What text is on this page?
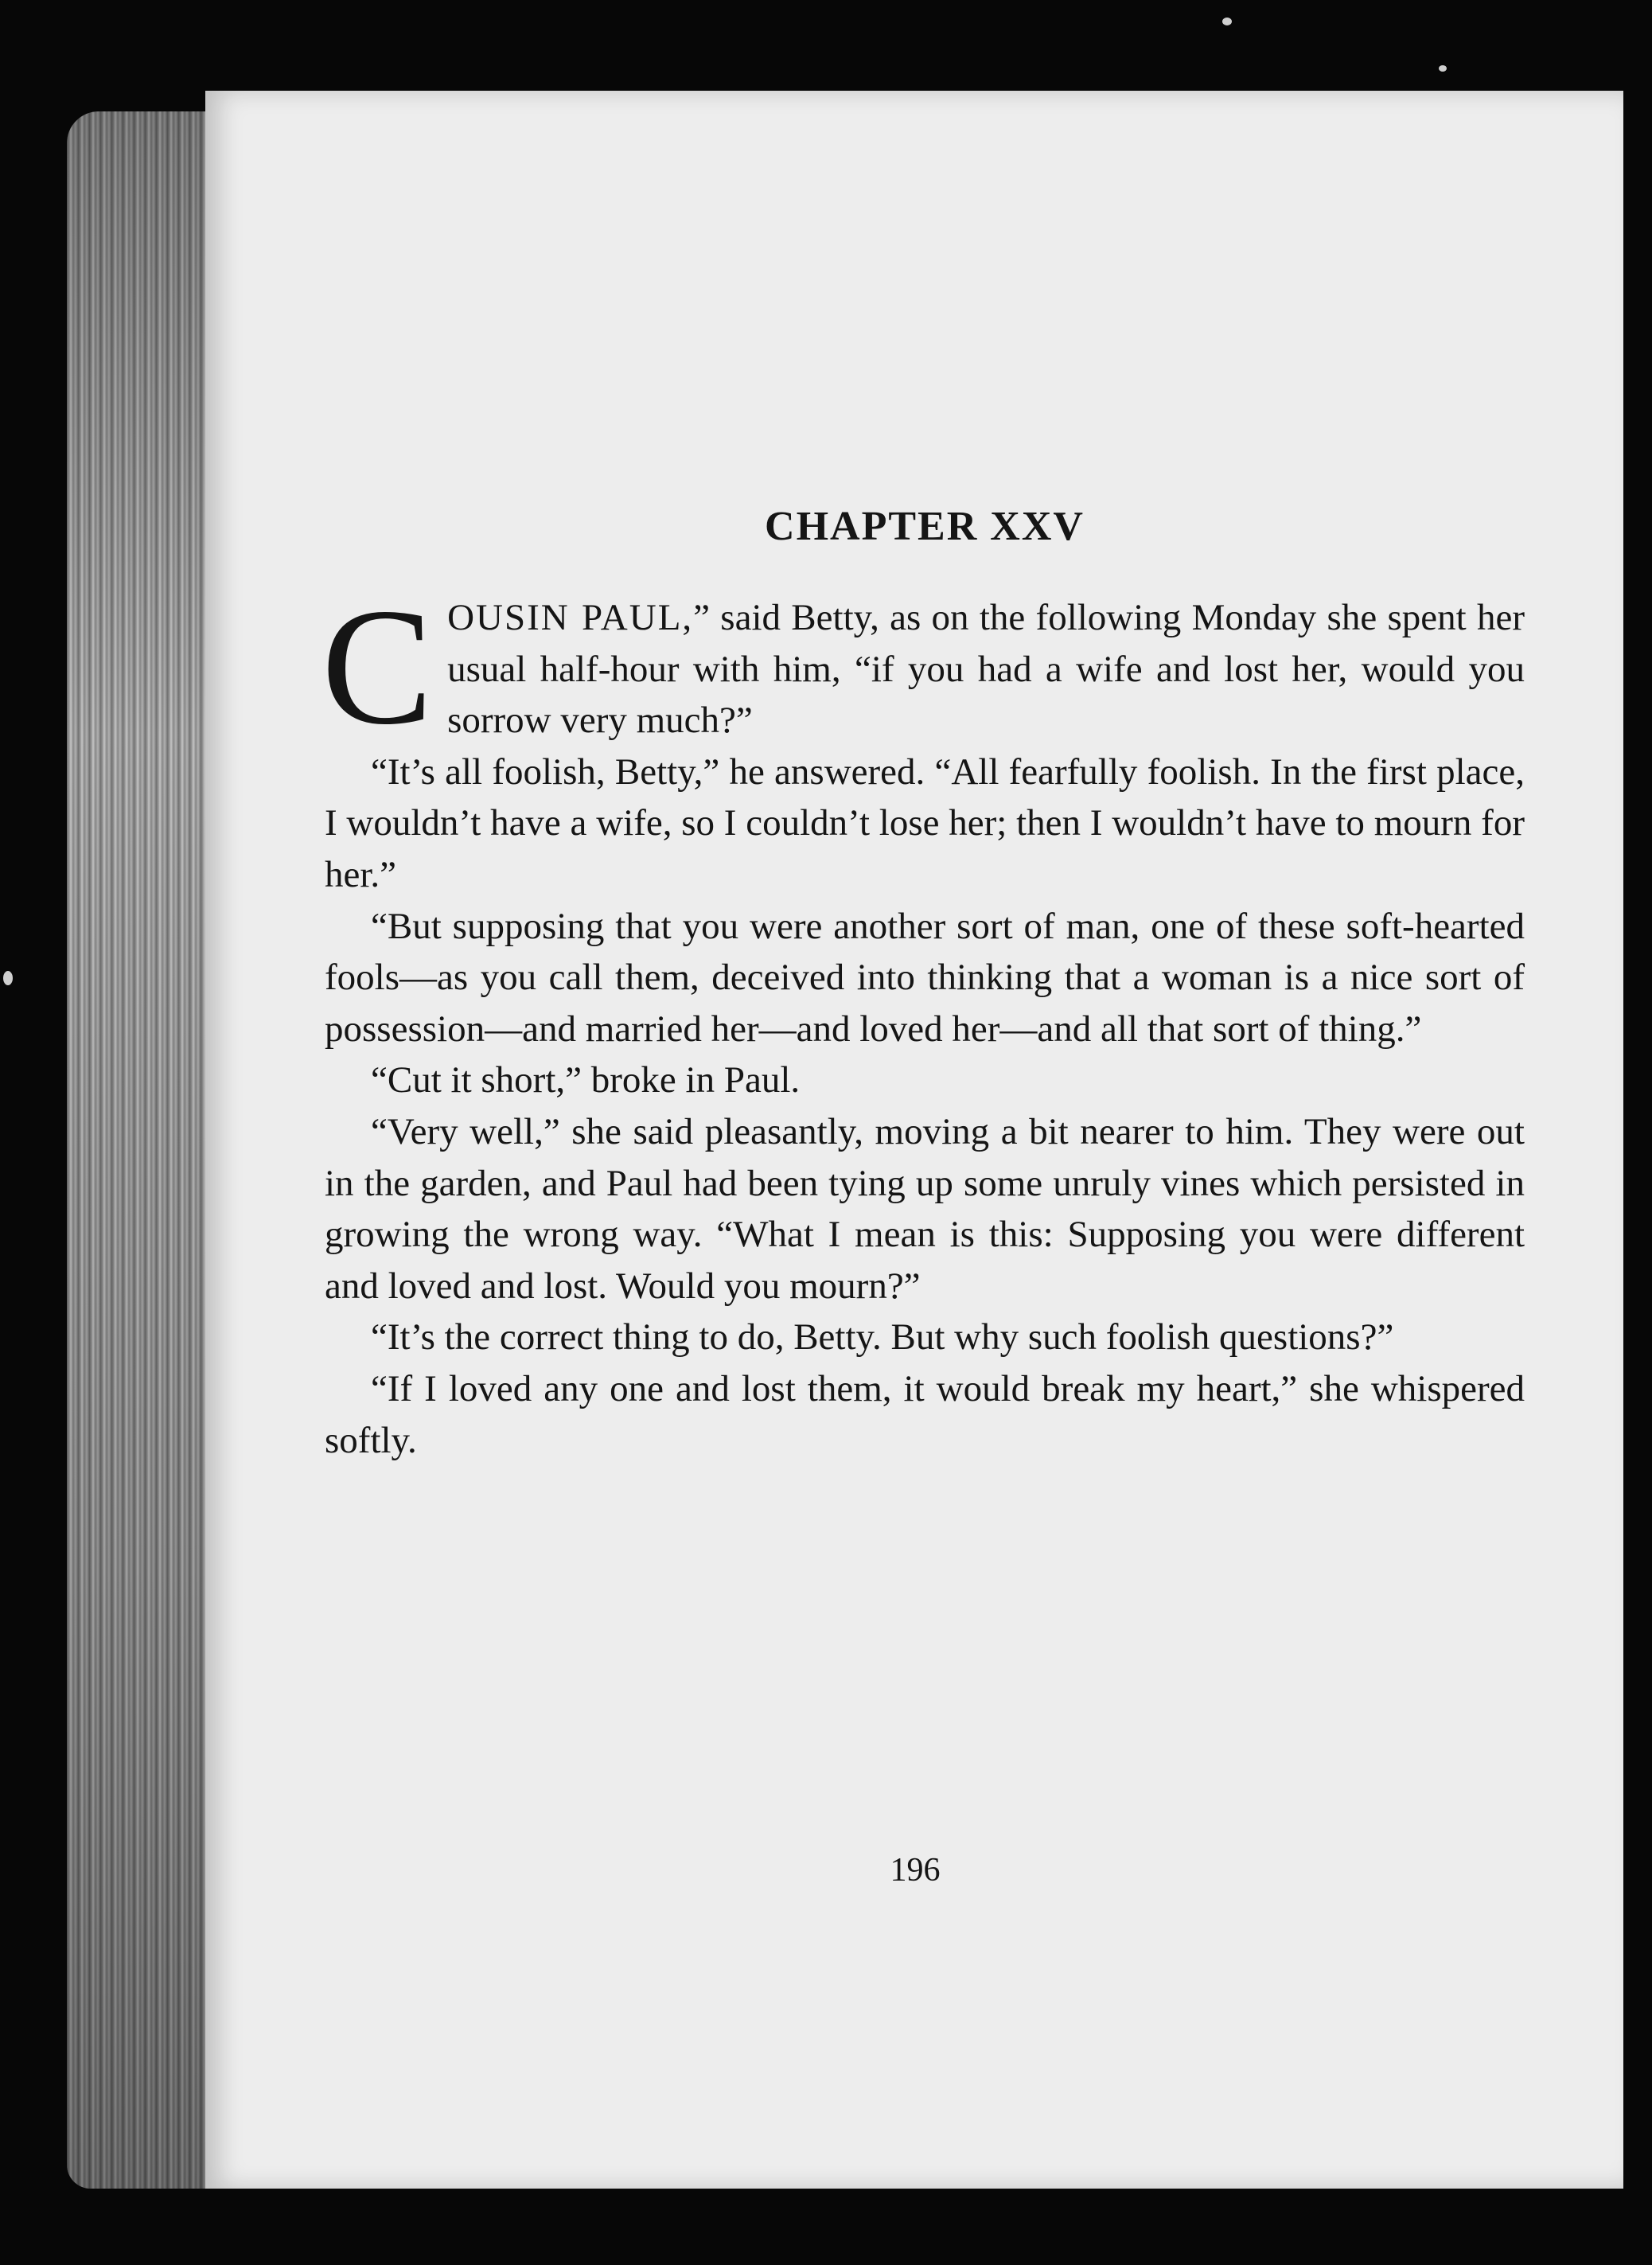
CHAPTER XXV

COUSIN PAUL,” said Betty, as on the following Monday she spent her usual half-hour with him, “if you had a wife and lost her, would you sorrow very much?”

“It’s all foolish, Betty,” he answered. “All fearfully foolish. In the first place, I wouldn’t have a wife, so I couldn’t lose her; then I wouldn’t have to mourn for her.”

“But supposing that you were another sort of man, one of these soft-hearted fools—as you call them, deceived into thinking that a woman is a nice sort of possession—and married her—and loved her—and all that sort of thing.”

“Cut it short,” broke in Paul.

“Very well,” she said pleasantly, moving a bit nearer to him. They were out in the garden, and Paul had been tying up some unruly vines which persisted in growing the wrong way. “What I mean is this: Supposing you were different and loved and lost. Would you mourn?”

“It’s the correct thing to do, Betty. But why such foolish questions?”

“If I loved any one and lost them, it would break my heart,” she whispered softly.

196
